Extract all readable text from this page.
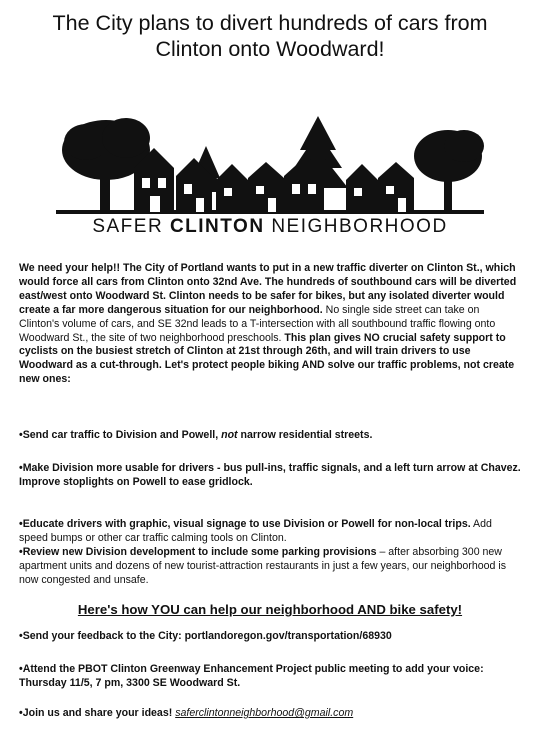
The City plans to divert hundreds of cars from Clinton onto Woodward!
SAFER CLINTON NEIGHBORHOOD

We need your help!! The City of Portland wants to put in a new traffic diverter on Clinton St., which would force all cars from Clinton onto 32nd Ave. The hundreds of southbound cars will be diverted east/west onto Woodward St. Clinton needs to be safer for bikes, but any isolated diverter would create a far more dangerous situation for our neighborhood. No single side street can take on Clinton's volume of cars, and SE 32nd leads to a T-intersection with all southbound traffic flowing onto Woodward St., the site of two neighborhood preschools. This plan gives NO crucial safety support to cyclists on the busiest stretch of Clinton at 21st through 26th, and will train drivers to use Woodward as a cut-through. Let's protect people biking AND solve our traffic problems, not create new ones:

•Send car traffic to Division and Powell, not narrow residential streets.

•Make Division more usable for drivers - bus pull-ins, traffic signals, and a left turn arrow at Chavez. Improve stoplights on Powell to ease gridlock.

•Educate drivers with graphic, visual signage to use Division or Powell for non-local trips. Add speed bumps or other car traffic calming tools on Clinton.

•Review new Division development to include some parking provisions – after absorbing 300 new apartment units and dozens of new tourist-attraction restaurants in just a few years, our neighborhood is now congested and unsafe.

Here's how YOU can help our neighborhood AND bike safety!

•Send your feedback to the City: portlandoregon.gov/transportation/68930

•Attend the PBOT Clinton Greenway Enhancement Project public meeting to add your voice: Thursday 11/5, 7 pm, 3300 SE Woodward St.

•Join us and share your ideas! saferclintonneighborhood@gmail.com
